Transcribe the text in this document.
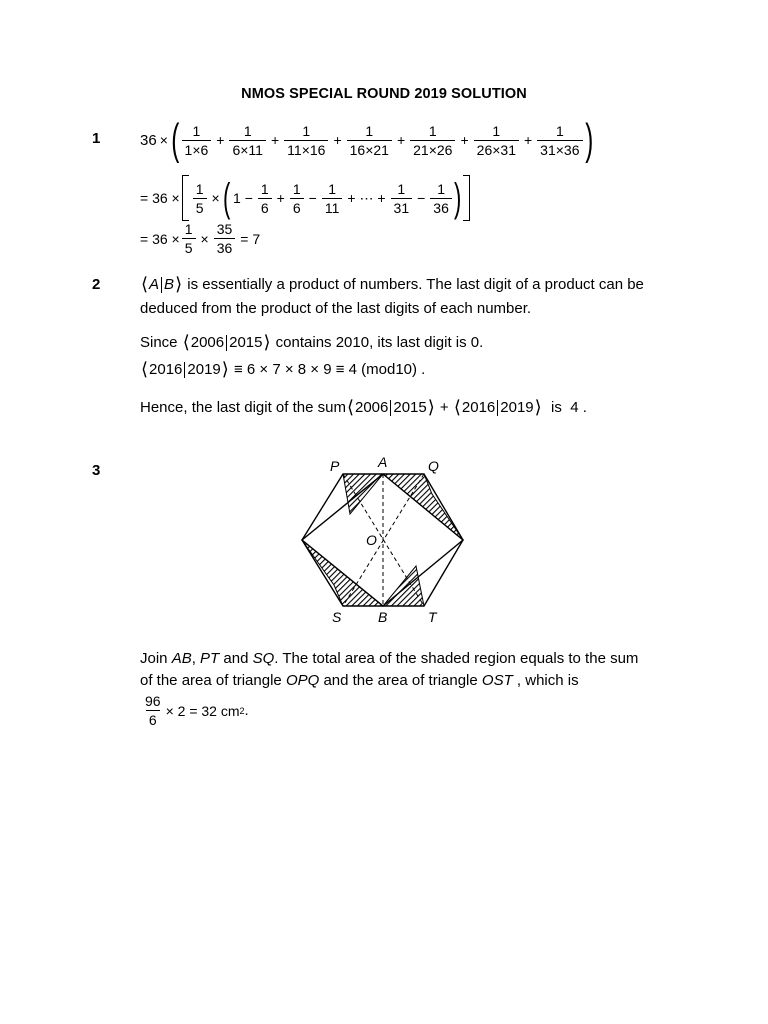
NMOS SPECIAL ROUND 2019 SOLUTION
1	36 × ( $\frac{1}{1\times 6} + \frac{1}{6\times 11} + \frac{1}{11\times 16} + \frac{1}{16\times 21} + \frac{1}{21\times 26} + \frac{1}{26\times 31} + \frac{1}{31\times 36}$ )
= $36 \times \frac{1}{5}$ × ( $1 - \frac{1}{6} + \frac{1}{6} - \frac{1}{11}$ + ⋯ + $\frac{1}{31} - \frac{1}{36}$ )
= $36 \times \frac{1}{5} \times \frac{35}{36} = 7$
2 ⟨ A B ⟩ is essentially a product of numbers. The last digit of a product can be
deduced from the product of the last digits of each number.
Since ⟨ 2006 2015 ⟩ contains 2010, its last digit is 0.
⟨ 2016 2019 ⟩ ≡ 6 × 7 × 8 × 9 ≡ 4 (mod10) .
Hence, the last digit of the sum ⟨ 2006 2015 ⟩ + ⟨ 2016 2019 ⟩ is  4 .
3	P	A	Q
O
S	B	T
Join AB , PT and SQ . The total area of the shaded region equals to the sum
of the area of triangle OPQ and the area of triangle OST , which is
$\frac{96}{6} \times 2 = 32$ cm 2 .
